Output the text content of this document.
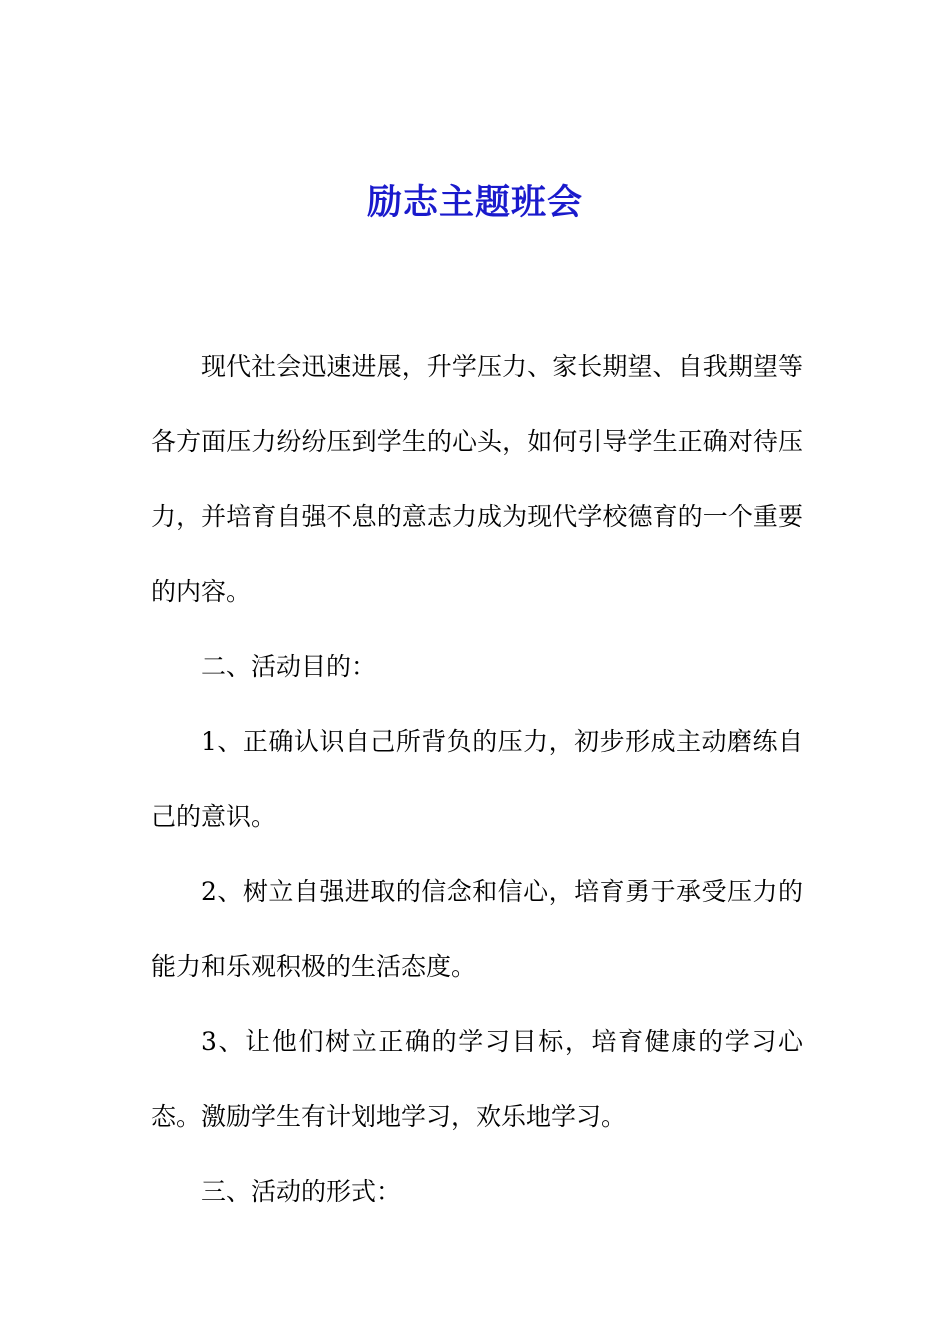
励志主题班会

现代社会迅速进展，升学压力、家长期望、自我期望等各方面压力纷纷压到学生的心头，如何引导学生正确对待压力，并培育自强不息的意志力成为现代学校德育的一个重要的内容。

二、活动目的：

1、正确认识自己所背负的压力，初步形成主动磨练自己的意识。

2、树立自强进取的信念和信心，培育勇于承受压力的能力和乐观积极的生活态度。

3、让他们树立正确的学习目标，培育健康的学习心态。激励学生有计划地学习，欢乐地学习。

三、活动的形式：
